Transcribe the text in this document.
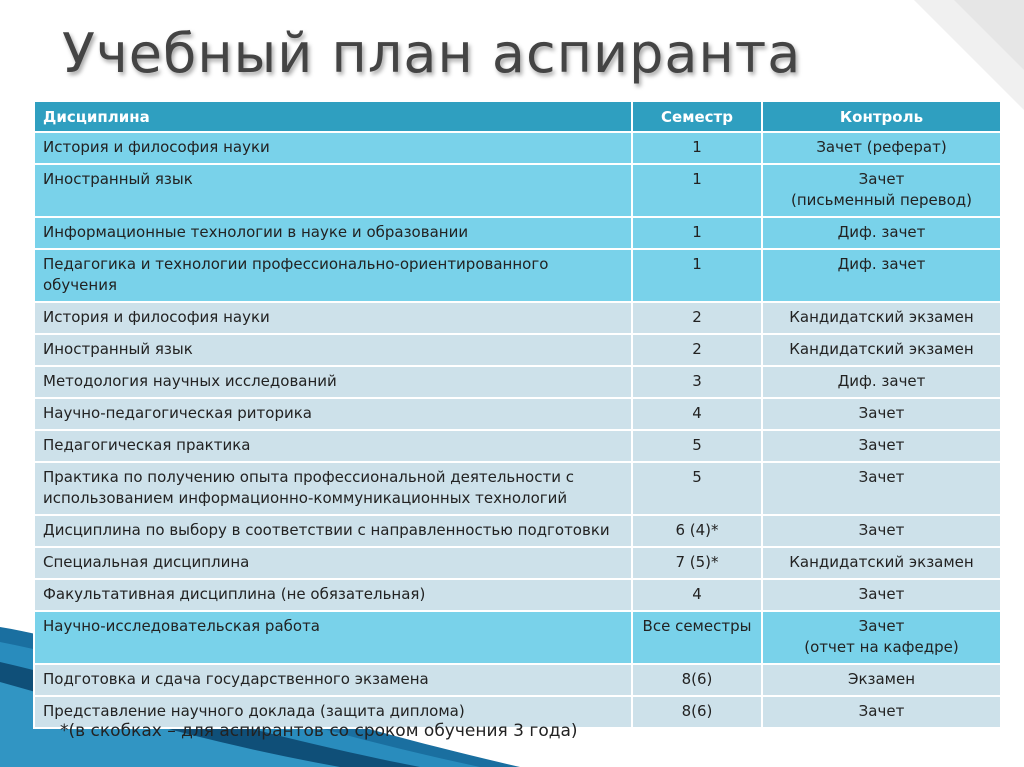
Учебный план аспиранта
Дисциплина	Семестр	Контроль
История и философия науки	1	Зачет (реферат)
Иностранный язык	1	Зачет
(письменный перевод)
Информационные технологии в науке и образовании	1	Диф. зачет
Педагогика и технологии профессионально-ориентированного обучения	1	Диф. зачет
История и философия науки	2	Кандидатский экзамен
Иностранный язык	2	Кандидатский экзамен
Методология научных исследований	3	Диф. зачет
Научно-педагогическая риторика	4	Зачет
Педагогическая практика	5	Зачет
Практика по получению опыта профессиональной деятельности с использованием информационно-коммуникационных технологий	5	Зачет
Дисциплина по выбору в соответствии с направленностью подготовки	6 (4)*	Зачет
Специальная дисциплина	7 (5)*	Кандидатский экзамен
Факультативная дисциплина (не обязательная)	4	Зачет
Научно-исследовательская работа	Все семестры	Зачет
(отчет на кафедре)
Подготовка и сдача государственного экзамена	8(6)	Экзамен
Представление научного доклада (защита диплома)	8(6)	Зачет

*(в скобках – для аспирантов со сроком обучения 3 года)
